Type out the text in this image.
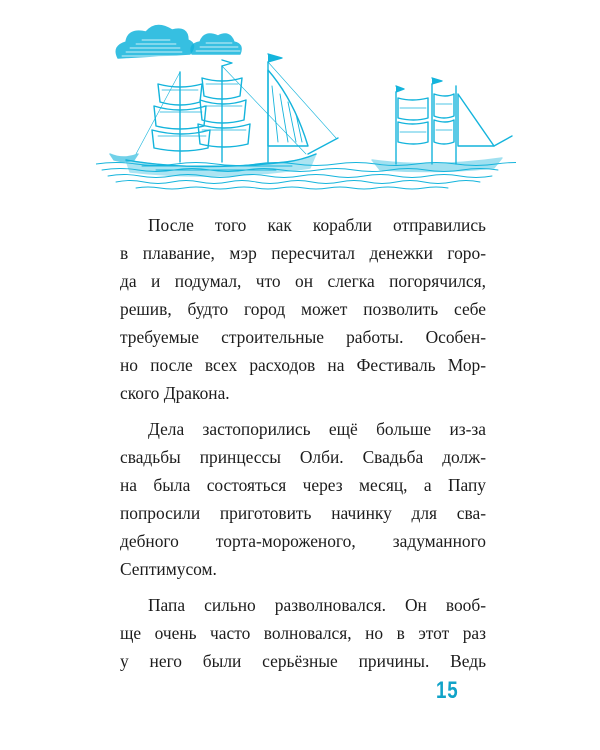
После того как корабли отправились
в плавание, мэр пересчитал денежки горо-
да и подумал, что он слегка погорячился,
решив, будто город может позволить себе
требуемые строительные работы. Особен-
но после всех расходов на Фестиваль Мор-
ского Дракона.

Дела застопорились ещё больше из-за
свадьбы принцессы Олби. Свадьба долж-
на была состояться через месяц, а Папу
попросили приготовить начинку для сва-
дебного торта-мороженого, задуманного
Септимусом.

Папа сильно разволновался. Он вооб-
ще очень часто волновался, но в этот раз
у него были серьёзные причины. Ведь

15
